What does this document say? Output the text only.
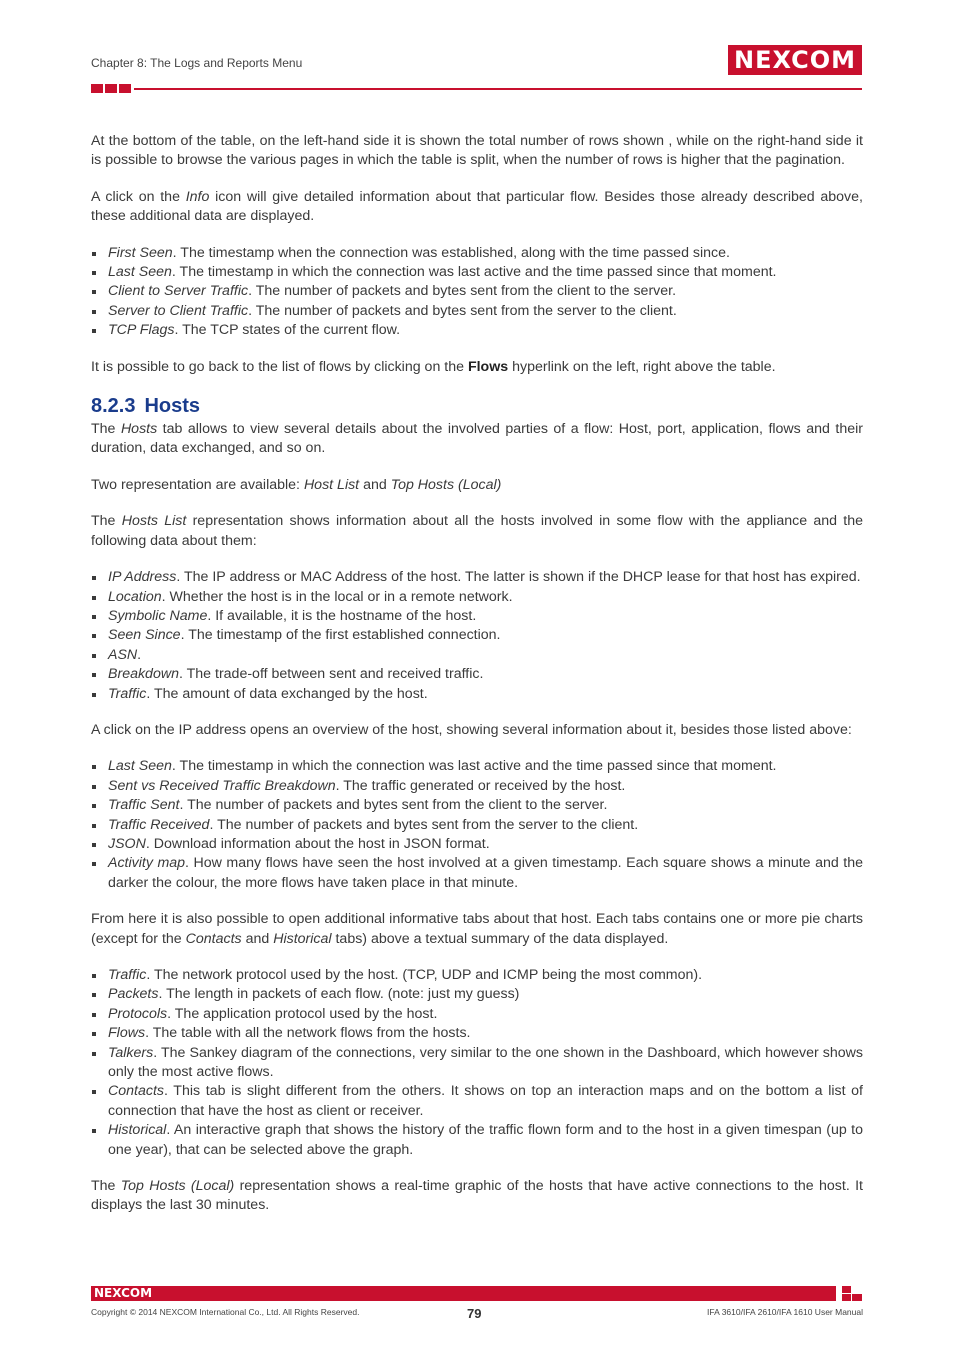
Chapter 8: The Logs and Reports Menu	NEXCOM

At the bottom of the table, on the left-hand side it is shown the total number of rows shown , while on the right-hand side it is possible to browse the various pages in which the table is split, when the number of rows is higher that the pagination.

A click on the Info icon will give detailed information about that particular flow. Besides those already described above, these additional data are displayed.

First Seen. The timestamp when the connection was established, along with the time passed since.
Last Seen. The timestamp in which the connection was last active and the time passed since that moment.
Client to Server Traffic. The number of packets and bytes sent from the client to the server.
Server to Client Traffic. The number of packets and bytes sent from the server to the client.
TCP Flags. The TCP states of the current flow.

It is possible to go back to the list of flows by clicking on the Flows hyperlink on the left, right above the table.

8.2.3 Hosts

The Hosts tab allows to view several details about the involved parties of a flow: Host, port, application, flows and their duration, data exchanged, and so on.

Two representation are available: Host List and Top Hosts (Local)

The Hosts List representation shows information about all the hosts involved in some flow with the appliance and the following data about them:

IP Address. The IP address or MAC Address of the host. The latter is shown if the DHCP lease for that host has expired.
Location. Whether the host is in the local or in a remote network.
Symbolic Name. If available, it is the hostname of the host.
Seen Since. The timestamp of the first established connection.
ASN.
Breakdown. The trade-off between sent and received traffic.
Traffic. The amount of data exchanged by the host.

A click on the IP address opens an overview of the host, showing several information about it, besides those listed above:

Last Seen. The timestamp in which the connection was last active and the time passed since that moment.
Sent vs Received Traffic Breakdown. The traffic generated or received by the host.
Traffic Sent. The number of packets and bytes sent from the client to the server.
Traffic Received. The number of packets and bytes sent from the server to the client.
JSON. Download information about the host in JSON format.
Activity map. How many flows have seen the host involved at a given timestamp. Each square shows a minute and the darker the colour, the more flows have taken place in that minute.

From here it is also possible to open additional informative tabs about that host. Each tabs contains one or more pie charts (except for the Contacts and Historical tabs) above a textual summary of the data displayed.

Traffic. The network protocol used by the host. (TCP, UDP and ICMP being the most common).
Packets. The length in packets of each flow. (note: just my guess)
Protocols. The application protocol used by the host.
Flows. The table with all the network flows from the hosts.
Talkers. The Sankey diagram of the connections, very similar to the one shown in the Dashboard, which however shows only the most active flows.
Contacts. This tab is slight different from the others. It shows on top an interaction maps and on the bottom a list of connection that have the host as client or receiver.
Historical. An interactive graph that shows the history of the traffic flown form and to the host in a given timespan (up to one year), that can be selected above the graph.

The Top Hosts (Local) representation shows a real-time graphic of the hosts that have active connections to the host. It displays the last 30 minutes.

NEXCOM
Copyright © 2014 NEXCOM International Co., Ltd. All Rights Reserved.	79	IFA 3610/IFA 2610/IFA 1610 User Manual
